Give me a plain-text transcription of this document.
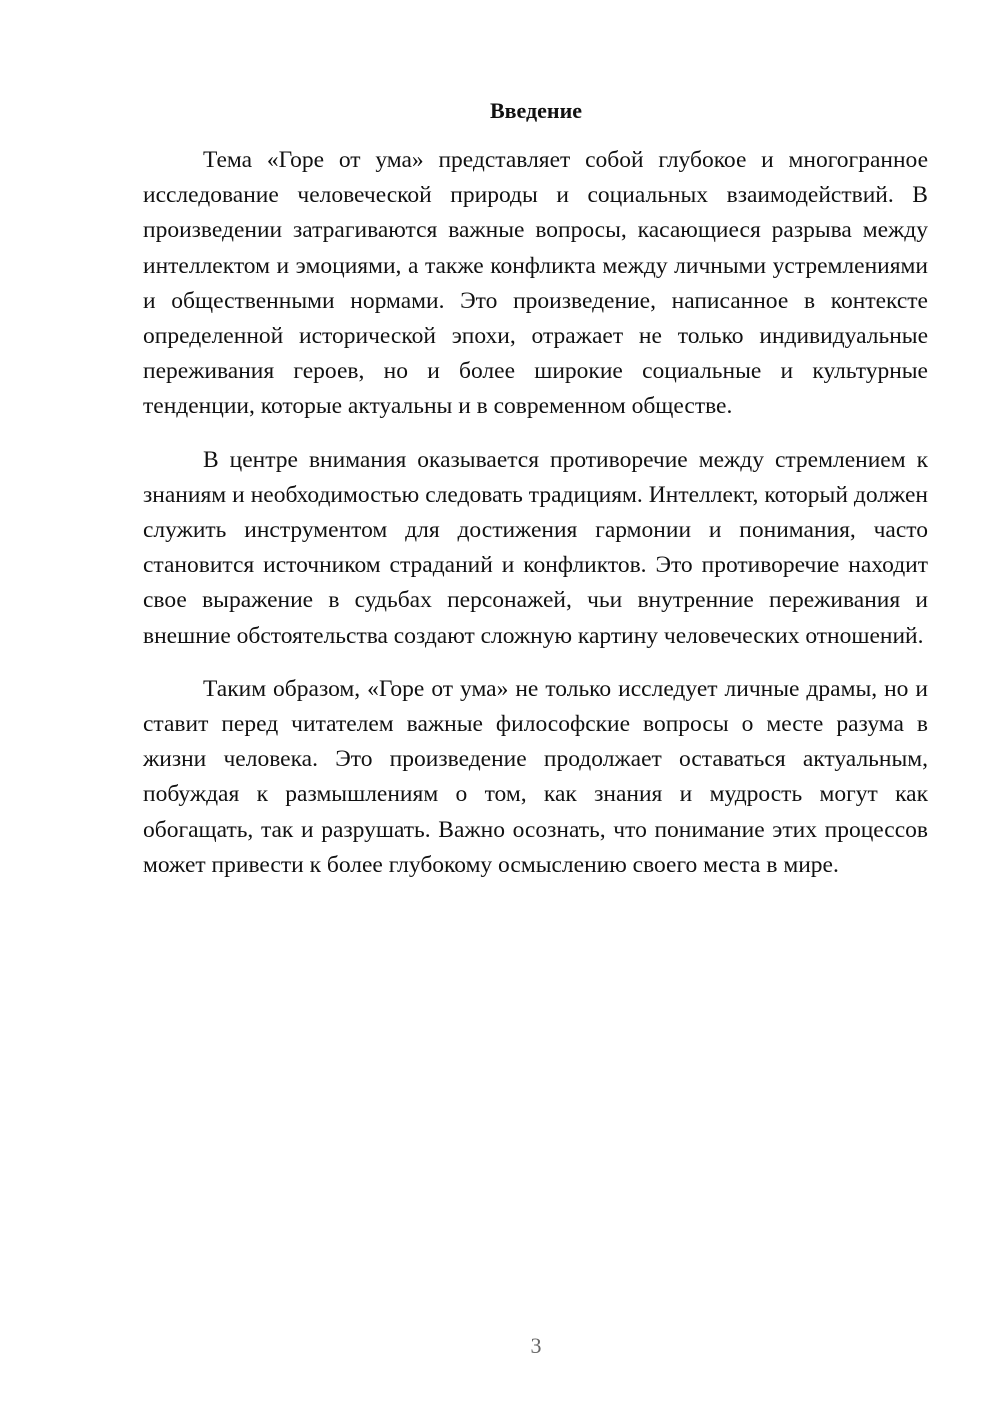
Введение

Тема «Горе от ума» представляет собой глубокое и многогранное исследование человеческой природы и социальных взаимодействий. В произведении затрагиваются важные вопросы, касающиеся разрыва между интеллектом и эмоциями, а также конфликта между личными устремлениями и общественными нормами. Это произведение, написанное в контексте определенной исторической эпохи, отражает не только индивидуальные переживания героев, но и более широкие социальные и культурные тенденции, которые актуальны и в современном обществе.

В центре внимания оказывается противоречие между стремлением к знаниям и необходимостью следовать традициям. Интеллект, который должен служить инструментом для достижения гармонии и понимания, часто становится источником страданий и конфликтов. Это противоречие находит свое выражение в судьбах персонажей, чьи внутренние переживания и внешние обстоятельства создают сложную картину человеческих отношений.

Таким образом, «Горе от ума» не только исследует личные драмы, но и ставит перед читателем важные философские вопросы о месте разума в жизни человека. Это произведение продолжает оставаться актуальным, побуждая к размышлениям о том, как знания и мудрость могут как обогащать, так и разрушать. Важно осознать, что понимание этих процессов может привести к более глубокому осмыслению своего места в мире.

3
